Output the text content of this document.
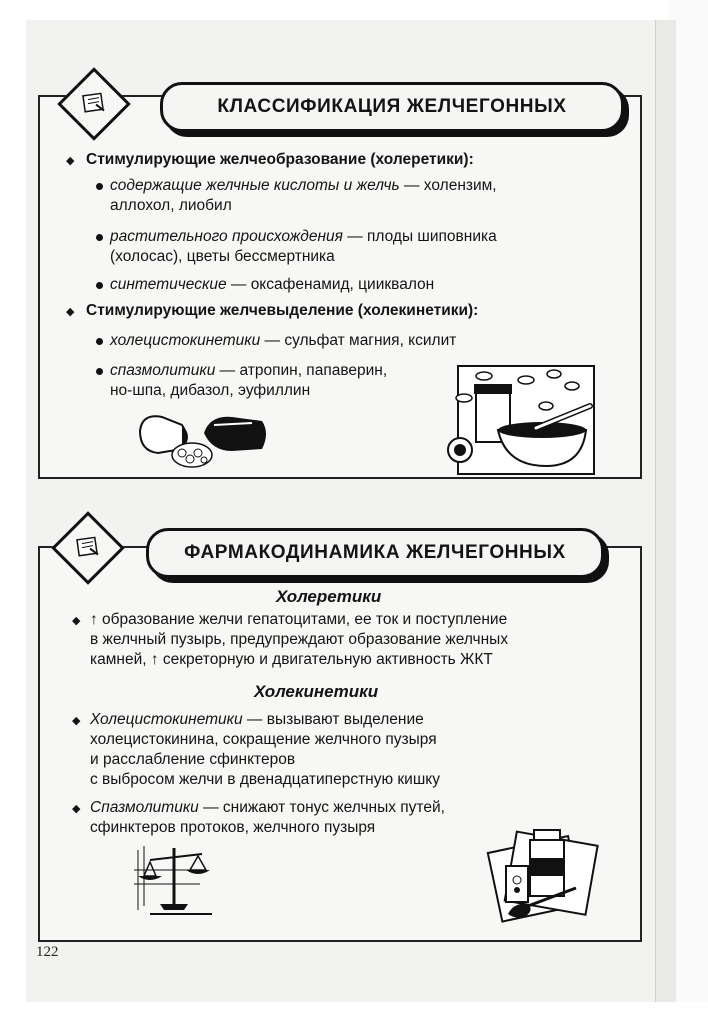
КЛАССИФИКАЦИЯ ЖЕЛЧЕГОННЫХ
◆ Стимулирующие желчеобразование (холеретики):
содержащие желчные кислоты и желчь — холензим,
аллохол, лиобил
растительного происхождения — плоды шиповника
(холосас), цветы бессмертника
синтетические — оксафенамид, цииквалон
◆ Стимулирующие желчевыделение (холекинетики):
холецистокинетики — сульфат магния, ксилит
спазмолитики — атропин, папаверин,
но-шпа, дибазол, эуфиллин
ФАРМАКОДИНАМИКА ЖЕЛЧЕГОННЫХ
Холеретики
◆ ↑ образование желчи гепатоцитами, ее ток и поступление
в желчный пузырь, предупреждают образование желчных
камней, ↑ секреторную и двигательную активность ЖКТ
Холекинетики
◆ Холецистокинетики — вызывают выделение
холецистокинина, сокращение желчного пузыря
и расслабление сфинктеров
с выбросом желчи в двенадцатиперстную кишку
◆ Спазмолитики — снижают тонус желчных путей,
сфинктеров протоков, желчного пузыря
122
